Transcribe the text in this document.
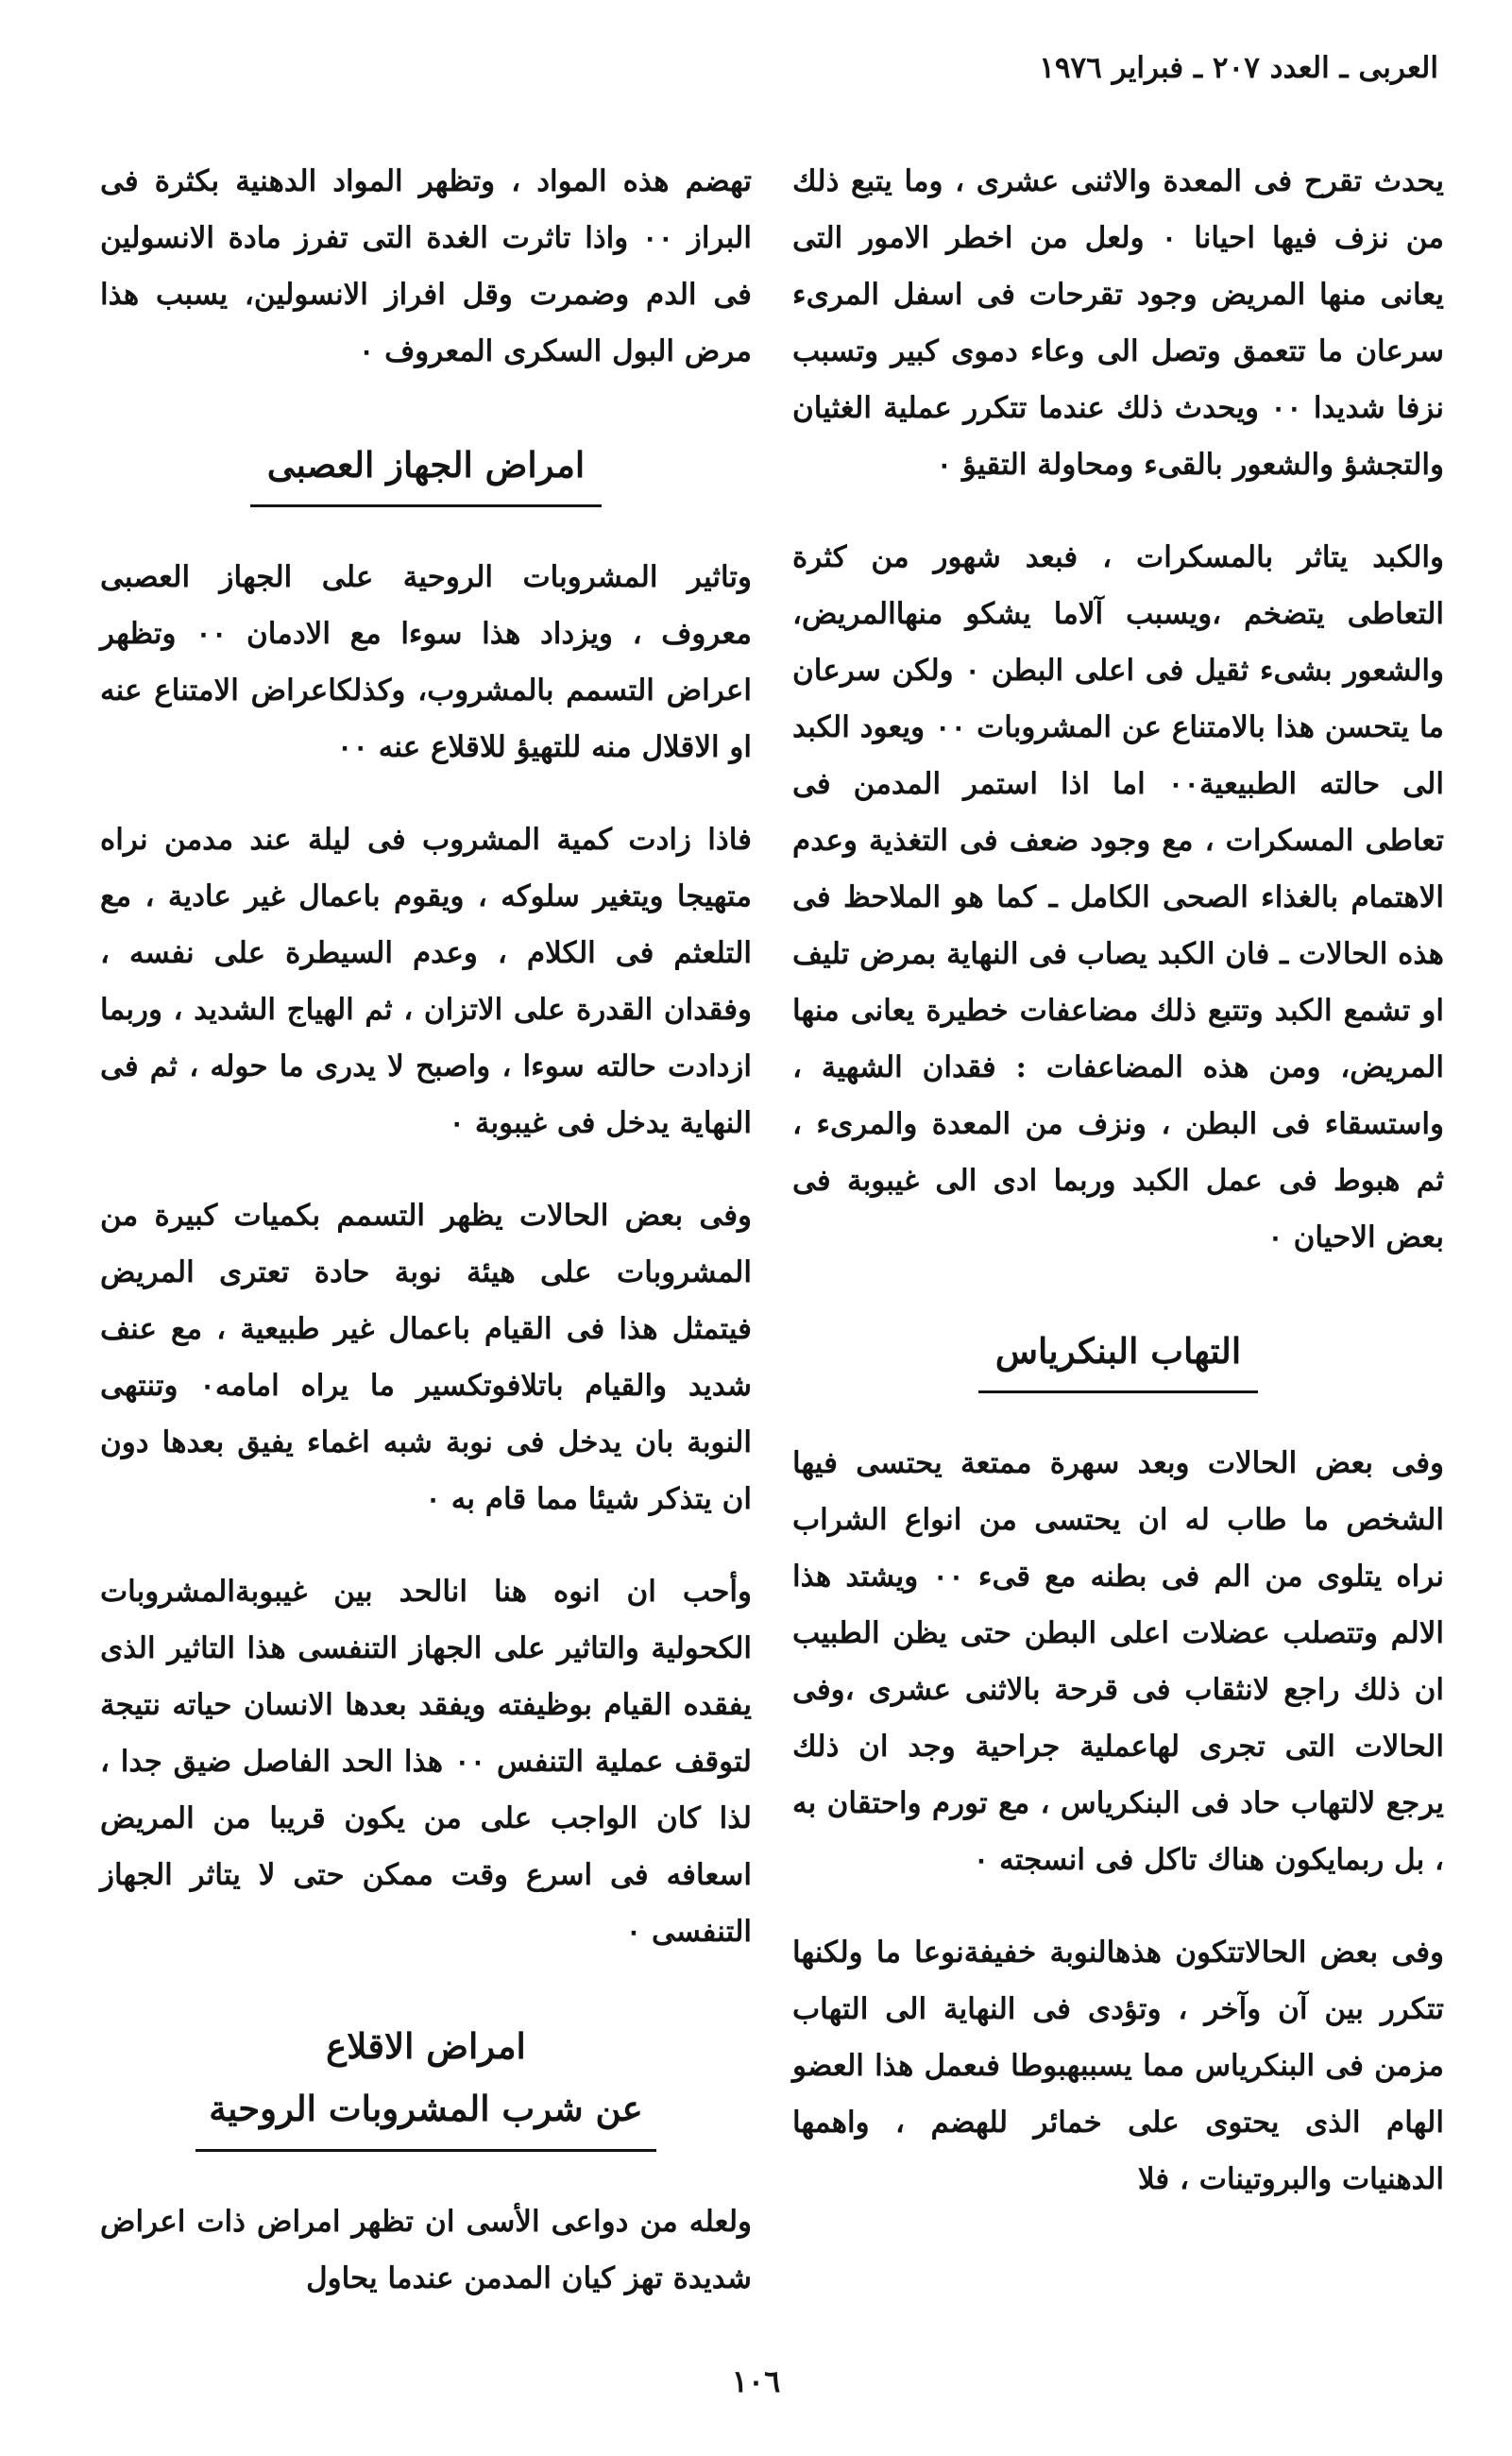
العربى ـ العدد ٢٠٧ ـ فبراير ١٩٧٦

يحدث تقرح فى المعدة والاثنى عشرى ، وما يتبع ذلك من نزف فيها احيانا ٠ ولعل من اخطر الامور التى يعانى منها المريض وجود تقرحات فى اسفل المرىء سرعان ما تتعمق وتصل الى وعاء دموى كبير وتسبب نزفا شديدا ٠٠ ويحدث ذلك عندما تتكرر عملية الغثيان والتجشؤ والشعور بالقىء ومحاولة التقيؤ ٠

والكبد يتاثر بالمسكرات ، فبعد شهور من كثرة التعاطى يتضخم ،ويسبب آلاما يشكو منهاالمريض، والشعور بشىء ثقيل فى اعلى البطن ٠ ولكن سرعان ما يتحسن هذا بالامتناع عن المشروبات ٠٠ ويعود الكبد الى حالته الطبيعية٠٠ اما اذا استمر المدمن فى تعاطى المسكرات ، مع وجود ضعف فى التغذية وعدم الاهتمام بالغذاء الصحى الكامل ـ كما هو الملاحظ فى هذه الحالات ـ فان الكبد يصاب فى النهاية بمرض تليف او تشمع الكبد وتتبع ذلك مضاعفات خطيرة يعانى منها المريض، ومن هذه المضاعفات : فقدان الشهية ، واستسقاء فى البطن ، ونزف من المعدة والمرىء ، ثم هبوط فى عمل الكبد وربما ادى الى غيبوبة فى بعض الاحيان ٠

التهاب البنكرياس

وفى بعض الحالات وبعد سهرة ممتعة يحتسى فيها الشخص ما طاب له ان يحتسى من انواع الشراب نراه يتلوى من الم فى بطنه مع قىء ٠٠ ويشتد هذا الالم وتتصلب عضلات اعلى البطن حتى يظن الطبيب ان ذلك راجع لانثقاب فى قرحة بالاثنى عشرى ،وفى الحالات التى تجرى لهاعملية جراحية وجد ان ذلك يرجع لالتهاب حاد فى البنكرياس ، مع تورم واحتقان به ، بل ربمايكون هناك تاكل فى انسجته ٠

وفى بعض الحالاتتكون هذهالنوبة خفيفةنوعا ما ولكنها تتكرر بين آن وآخر ، وتؤدى فى النهاية الى التهاب مزمن فى البنكرياس مما يسببهبوطا فىعمل هذا العضو الهام الذى يحتوى على خمائر للهضم ، واهمها الدهنيات والبروتينات ، فلا

تهضم هذه المواد ، وتظهر المواد الدهنية بكثرة فى البراز ٠٠ واذا تاثرت الغدة التى تفرز مادة الانسولين فى الدم وضمرت وقل افراز الانسولين، يسبب هذا مرض البول السكرى المعروف ٠

امراض الجهاز العصبى

وتاثير المشروبات الروحية على الجهاز العصبى معروف ، ويزداد هذا سوءا مع الادمان ٠٠ وتظهر اعراض التسمم بالمشروب، وكذلكاعراض الامتناع عنه او الاقلال منه للتهيؤ للاقلاع عنه ٠٠

فاذا زادت كمية المشروب فى ليلة عند مدمن نراه متهيجا ويتغير سلوكه ، ويقوم باعمال غير عادية ، مع التلعثم فى الكلام ، وعدم السيطرة على نفسه ، وفقدان القدرة على الاتزان ، ثم الهياج الشديد ، وربما ازدادت حالته سوءا ، واصبح لا يدرى ما حوله ، ثم فى النهاية يدخل فى غيبوبة ٠

وفى بعض الحالات يظهر التسمم بكميات كبيرة من المشروبات على هيئة نوبة حادة تعترى المريض فيتمثل هذا فى القيام باعمال غير طبيعية ، مع عنف شديد والقيام باتلافوتكسير ما يراه امامه٠ وتنتهى النوبة بان يدخل فى نوبة شبه اغماء يفيق بعدها دون ان يتذكر شيئا مما قام به ٠

وأحب ان انوه هنا انالحد بين غيبوبةالمشروبات الكحولية والتاثير على الجهاز التنفسى هذا التاثير الذى يفقده القيام بوظيفته ويفقد بعدها الانسان حياته نتيجة لتوقف عملية التنفس ٠٠ هذا الحد الفاصل ضيق جدا ، لذا كان الواجب على من يكون قريبا من المريض اسعافه فى اسرع وقت ممكن حتى لا يتاثر الجهاز التنفسى ٠

امراض الاقلاع
عن شرب المشروبات الروحية

ولعله من دواعى الأسى ان تظهر امراض ذات اعراض شديدة تهز كيان المدمن عندما يحاول

١٠٦
